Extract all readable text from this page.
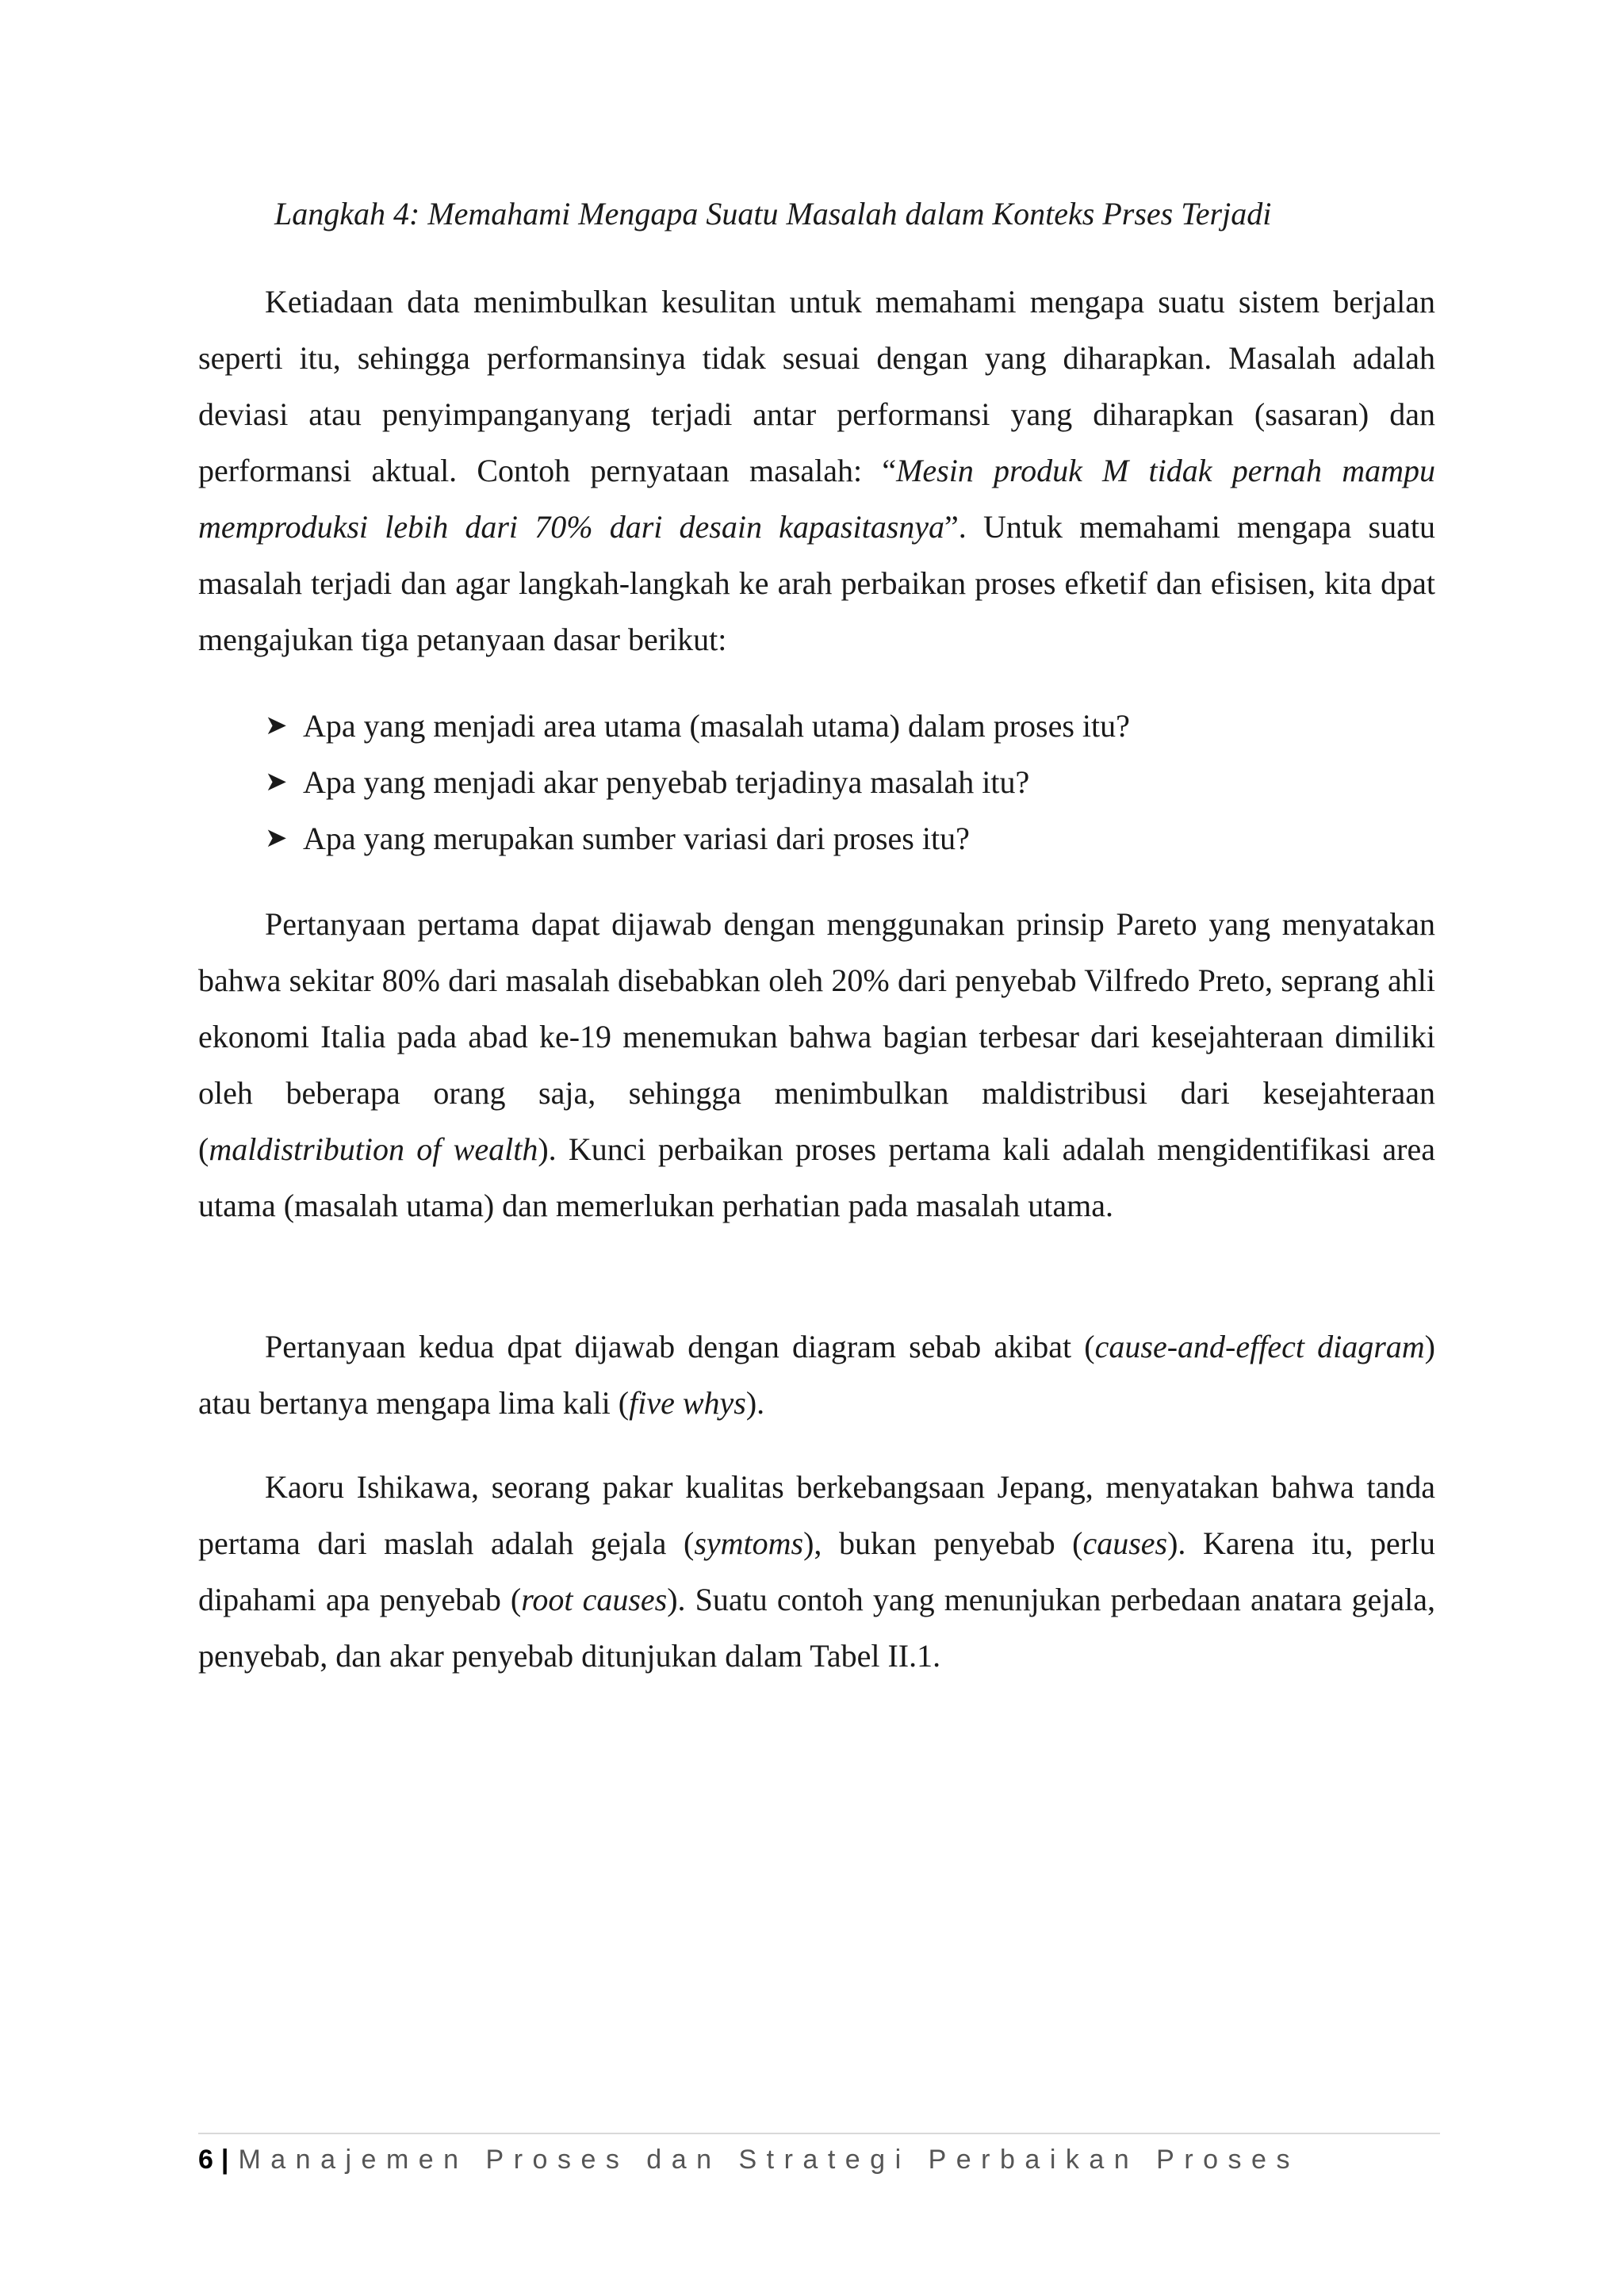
Langkah 4: Memahami Mengapa Suatu Masalah dalam Konteks Prses Terjadi

Ketiadaan data menimbulkan kesulitan untuk memahami mengapa suatu sistem berjalan seperti itu, sehingga performansinya tidak sesuai dengan yang diharapkan. Masalah adalah deviasi atau penyimpanganyang terjadi antar performansi yang diharapkan (sasaran) dan performansi aktual. Contoh pernyataan masalah: “Mesin produk M tidak pernah mampu memproduksi lebih dari 70% dari desain kapasitasnya”. Untuk memahami mengapa suatu masalah terjadi dan agar langkah-langkah ke arah perbaikan proses efketif dan efisisen, kita dpat mengajukan tiga petanyaan dasar berikut:

➤ Apa yang menjadi area utama (masalah utama) dalam proses itu?
➤ Apa yang menjadi akar penyebab terjadinya masalah itu?
➤ Apa yang merupakan sumber variasi dari proses itu?

Pertanyaan pertama dapat dijawab dengan menggunakan prinsip Pareto yang menyatakan bahwa sekitar 80% dari masalah disebabkan oleh 20% dari penyebab Vilfredo Preto, seprang ahli ekonomi Italia pada abad ke-19 menemukan bahwa bagian terbesar dari kesejahteraan dimiliki oleh beberapa orang saja, sehingga menimbulkan maldistribusi dari kesejahteraan (maldistribution of wealth). Kunci perbaikan proses pertama kali adalah mengidentifikasi area utama (masalah utama) dan memerlukan perhatian pada masalah utama.

Pertanyaan kedua dpat dijawab dengan diagram sebab akibat (cause-and-effect diagram) atau bertanya mengapa lima kali (five whys).

Kaoru Ishikawa, seorang pakar kualitas berkebangsaan Jepang, menyatakan bahwa tanda pertama dari maslah adalah gejala (symtoms), bukan penyebab (causes). Karena itu, perlu dipahami apa penyebab (root causes). Suatu contoh yang menunjukan perbedaan anatara gejala, penyebab, dan akar penyebab ditunjukan dalam Tabel II.1.

6 | Manajemen Proses dan Strategi Perbaikan Proses
